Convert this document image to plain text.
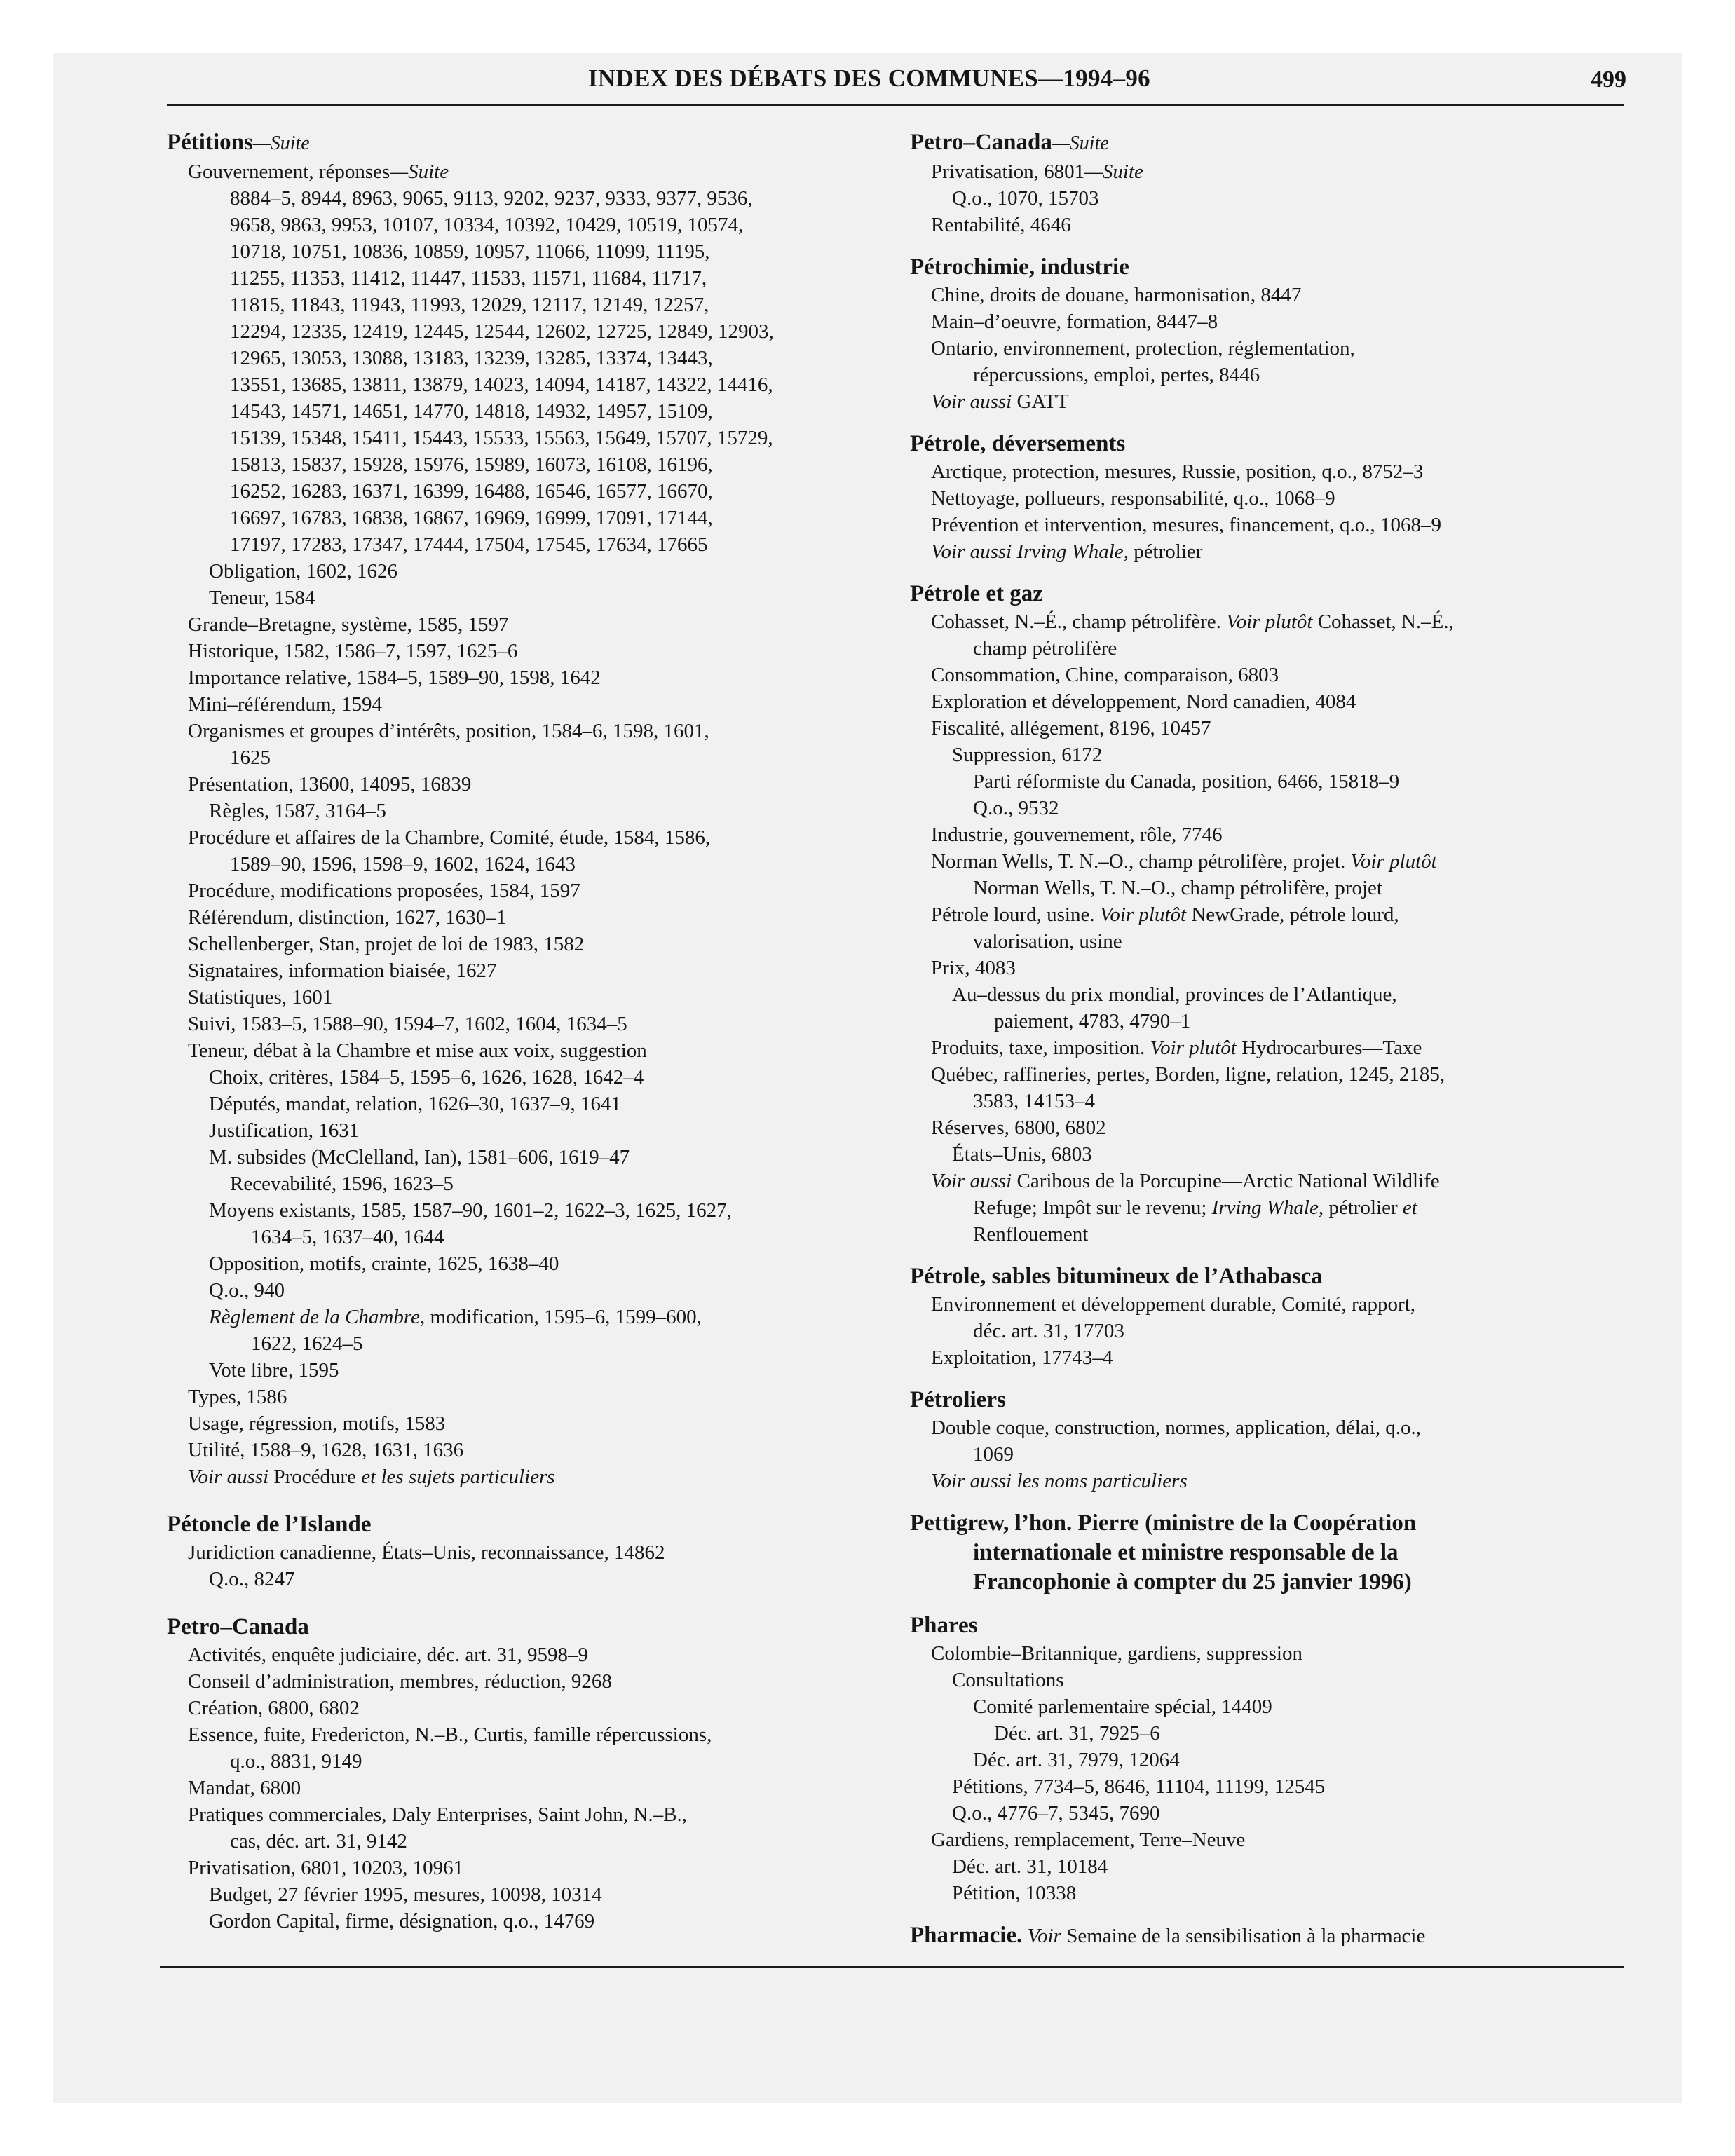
INDEX DES DÉBATS DES COMMUNES—1994–96	499
Pétitions—Suite
Gouvernement, réponses—Suite
8884–5, 8944, 8963, 9065, 9113, 9202, 9237, 9333, 9377, 9536,
9658, 9863, 9953, 10107, 10334, 10392, 10429, 10519, 10574,
10718, 10751, 10836, 10859, 10957, 11066, 11099, 11195,
11255, 11353, 11412, 11447, 11533, 11571, 11684, 11717,
11815, 11843, 11943, 11993, 12029, 12117, 12149, 12257,
12294, 12335, 12419, 12445, 12544, 12602, 12725, 12849, 12903,
12965, 13053, 13088, 13183, 13239, 13285, 13374, 13443,
13551, 13685, 13811, 13879, 14023, 14094, 14187, 14322, 14416,
14543, 14571, 14651, 14770, 14818, 14932, 14957, 15109,
15139, 15348, 15411, 15443, 15533, 15563, 15649, 15707, 15729,
15813, 15837, 15928, 15976, 15989, 16073, 16108, 16196,
16252, 16283, 16371, 16399, 16488, 16546, 16577, 16670,
16697, 16783, 16838, 16867, 16969, 16999, 17091, 17144,
17197, 17283, 17347, 17444, 17504, 17545, 17634, 17665
Obligation, 1602, 1626
Teneur, 1584
Grande–Bretagne, système, 1585, 1597
Historique, 1582, 1586–7, 1597, 1625–6
Importance relative, 1584–5, 1589–90, 1598, 1642
Mini–référendum, 1594
Organismes et groupes d’intérêts, position, 1584–6, 1598, 1601,
1625
Présentation, 13600, 14095, 16839
Règles, 1587, 3164–5
Procédure et affaires de la Chambre, Comité, étude, 1584, 1586,
1589–90, 1596, 1598–9, 1602, 1624, 1643
Procédure, modifications proposées, 1584, 1597
Référendum, distinction, 1627, 1630–1
Schellenberger, Stan, projet de loi de 1983, 1582
Signataires, information biaisée, 1627
Statistiques, 1601
Suivi, 1583–5, 1588–90, 1594–7, 1602, 1604, 1634–5
Teneur, débat à la Chambre et mise aux voix, suggestion
Choix, critères, 1584–5, 1595–6, 1626, 1628, 1642–4
Députés, mandat, relation, 1626–30, 1637–9, 1641
Justification, 1631
M. subsides (McClelland, Ian), 1581–606, 1619–47
Recevabilité, 1596, 1623–5
Moyens existants, 1585, 1587–90, 1601–2, 1622–3, 1625, 1627,
1634–5, 1637–40, 1644
Opposition, motifs, crainte, 1625, 1638–40
Q.o., 940
Règlement de la Chambre, modification, 1595–6, 1599–600,
1622, 1624–5
Vote libre, 1595
Types, 1586
Usage, régression, motifs, 1583
Utilité, 1588–9, 1628, 1631, 1636
Voir aussi Procédure et les sujets particuliers
Pétoncle de l’Islande
Juridiction canadienne, États–Unis, reconnaissance, 14862
Q.o., 8247
Petro–Canada
Activités, enquête judiciaire, déc. art. 31, 9598–9
Conseil d’administration, membres, réduction, 9268
Création, 6800, 6802
Essence, fuite, Fredericton, N.–B., Curtis, famille répercussions,
q.o., 8831, 9149
Mandat, 6800
Pratiques commerciales, Daly Enterprises, Saint John, N.–B.,
cas, déc. art. 31, 9142
Privatisation, 6801, 10203, 10961
Budget, 27 février 1995, mesures, 10098, 10314
Gordon Capital, firme, désignation, q.o., 14769
Petro–Canada—Suite
Privatisation, 6801—Suite
Q.o., 1070, 15703
Rentabilité, 4646
Pétrochimie, industrie
Chine, droits de douane, harmonisation, 8447
Main–d’oeuvre, formation, 8447–8
Ontario, environnement, protection, réglementation,
répercussions, emploi, pertes, 8446
Voir aussi GATT
Pétrole, déversements
Arctique, protection, mesures, Russie, position, q.o., 8752–3
Nettoyage, pollueurs, responsabilité, q.o., 1068–9
Prévention et intervention, mesures, financement, q.o., 1068–9
Voir aussi Irving Whale, pétrolier
Pétrole et gaz
Cohasset, N.–É., champ pétrolifère. Voir plutôt Cohasset, N.–É.,
champ pétrolifère
Consommation, Chine, comparaison, 6803
Exploration et développement, Nord canadien, 4084
Fiscalité, allégement, 8196, 10457
Suppression, 6172
Parti réformiste du Canada, position, 6466, 15818–9
Q.o., 9532
Industrie, gouvernement, rôle, 7746
Norman Wells, T. N.–O., champ pétrolifère, projet. Voir plutôt
Norman Wells, T. N.–O., champ pétrolifère, projet
Pétrole lourd, usine. Voir plutôt NewGrade, pétrole lourd,
valorisation, usine
Prix, 4083
Au–dessus du prix mondial, provinces de l’Atlantique,
paiement, 4783, 4790–1
Produits, taxe, imposition. Voir plutôt Hydrocarbures—Taxe
Québec, raffineries, pertes, Borden, ligne, relation, 1245, 2185,
3583, 14153–4
Réserves, 6800, 6802
États–Unis, 6803
Voir aussi Caribous de la Porcupine—Arctic National Wildlife
Refuge; Impôt sur le revenu; Irving Whale, pétrolier et
Renflouement
Pétrole, sables bitumineux de l’Athabasca
Environnement et développement durable, Comité, rapport,
déc. art. 31, 17703
Exploitation, 17743–4
Pétroliers
Double coque, construction, normes, application, délai, q.o.,
1069
Voir aussi les noms particuliers
Pettigrew, l’hon. Pierre (ministre de la Coopération
internationale et ministre responsable de la
Francophonie à compter du 25 janvier 1996)
Phares
Colombie–Britannique, gardiens, suppression
Consultations
Comité parlementaire spécial, 14409
Déc. art. 31, 7925–6
Déc. art. 31, 7979, 12064
Pétitions, 7734–5, 8646, 11104, 11199, 12545
Q.o., 4776–7, 5345, 7690
Gardiens, remplacement, Terre–Neuve
Déc. art. 31, 10184
Pétition, 10338
Pharmacie. Voir Semaine de la sensibilisation à la pharmacie
